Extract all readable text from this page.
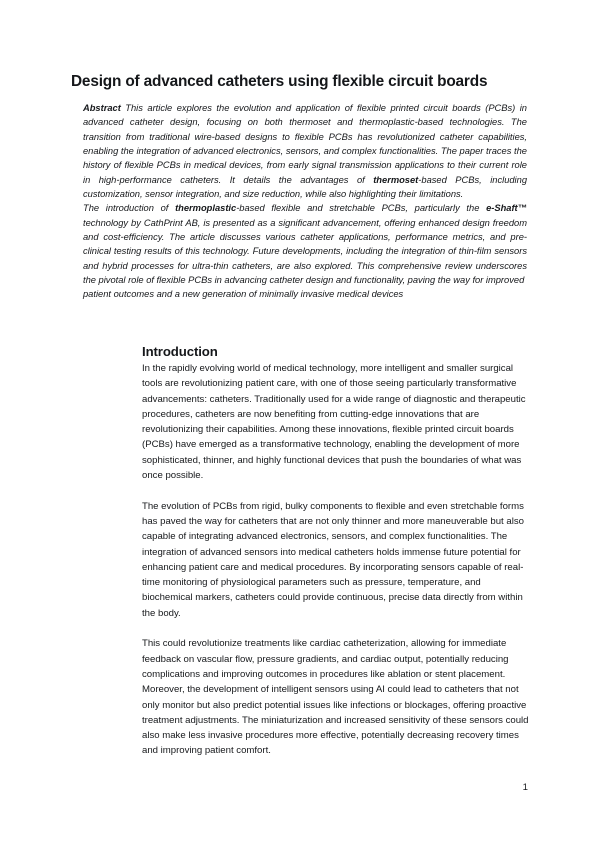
Design of advanced catheters using flexible circuit boards

Abstract This article explores the evolution and application of flexible printed circuit boards (PCBs) in advanced catheter design, focusing on both thermoset and thermoplastic-based technologies. The transition from traditional wire-based designs to flexible PCBs has revolutionized catheter capabilities, enabling the integration of advanced electronics, sensors, and complex functionalities. The paper traces the history of flexible PCBs in medical devices, from early signal transmission applications to their current role in high-performance catheters. It details the advantages of thermoset-based PCBs, including customization, sensor integration, and size reduction, while also highlighting their limitations.

The introduction of thermoplastic-based flexible and stretchable PCBs, particularly the e-Shaft™ technology by CathPrint AB, is presented as a significant advancement, offering enhanced design freedom and cost-efficiency. The article discusses various catheter applications, performance metrics, and pre-clinical testing results of this technology. Future developments, including the integration of thin-film sensors and hybrid processes for ultra-thin catheters, are also explored. This comprehensive review underscores the pivotal role of flexible PCBs in advancing catheter design and functionality, paving the way for improved

patient outcomes and a new generation of minimally invasive medical devices

Introduction

In the rapidly evolving world of medical technology, more intelligent and smaller surgical tools are revolutionizing patient care, with one of those seeing particularly transformative advancements: catheters. Traditionally used for a wide range of diagnostic and therapeutic procedures, catheters are now benefiting from cutting-edge innovations that are revolutionizing their capabilities. Among these innovations, flexible printed circuit boards (PCBs) have emerged as a transformative technology, enabling the development of more sophisticated, thinner, and highly functional devices that push the boundaries of what was once possible.

The evolution of PCBs from rigid, bulky components to flexible and even stretchable forms has paved the way for catheters that are not only thinner and more maneuverable but also capable of integrating advanced electronics, sensors, and complex functionalities. The integration of advanced sensors into medical catheters holds immense future potential for enhancing patient care and medical procedures. By incorporating sensors capable of real-time monitoring of physiological parameters such as pressure, temperature, and biochemical markers, catheters could provide continuous, precise data directly from within the body.

This could revolutionize treatments like cardiac catheterization, allowing for immediate feedback on vascular flow, pressure gradients, and cardiac output, potentially reducing complications and improving outcomes in procedures like ablation or stent placement. Moreover, the development of intelligent sensors using AI could lead to catheters that not only monitor but also predict potential issues like infections or blockages, offering proactive treatment adjustments. The miniaturization and increased sensitivity of these sensors could also make less invasive procedures more effective, potentially decreasing recovery times and improving patient comfort.

1
